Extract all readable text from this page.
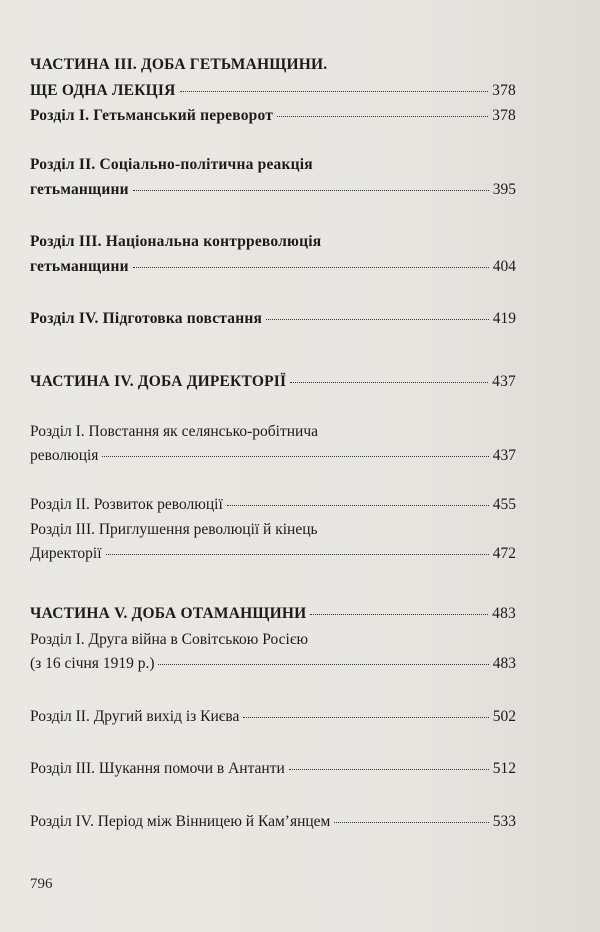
ЧАСТИНА III. ДОБА ГЕТЬМАНЩИНИ.
ЩЕ ОДНА ЛЕКЦІЯ	378
Розділ I. Гетьманський переворот	378
Розділ II. Соціально-політична реакція
гетьманщини	395
Розділ III. Національна контрреволюція
гетьманщини	404
Розділ IV. Підготовка повстання	419
ЧАСТИНА IV. ДОБА ДИРЕКТОРІЇ	437
Розділ I. Повстання як селянсько-робітнича
революція	437
Розділ II. Розвиток революції	455
Розділ III. Приглушення революції й кінець
Директорії	472
ЧАСТИНА V. ДОБА ОТАМАНЩИНИ	483
Розділ I. Друга війна в Совітською Росією
(з 16 січня 1919 р.)	483
Розділ II. Другий вихід із Києва	502
Розділ III. Шукання помочи в Антанти	512
Розділ IV. Період між Вінницею й Кам’янцем	533
796
